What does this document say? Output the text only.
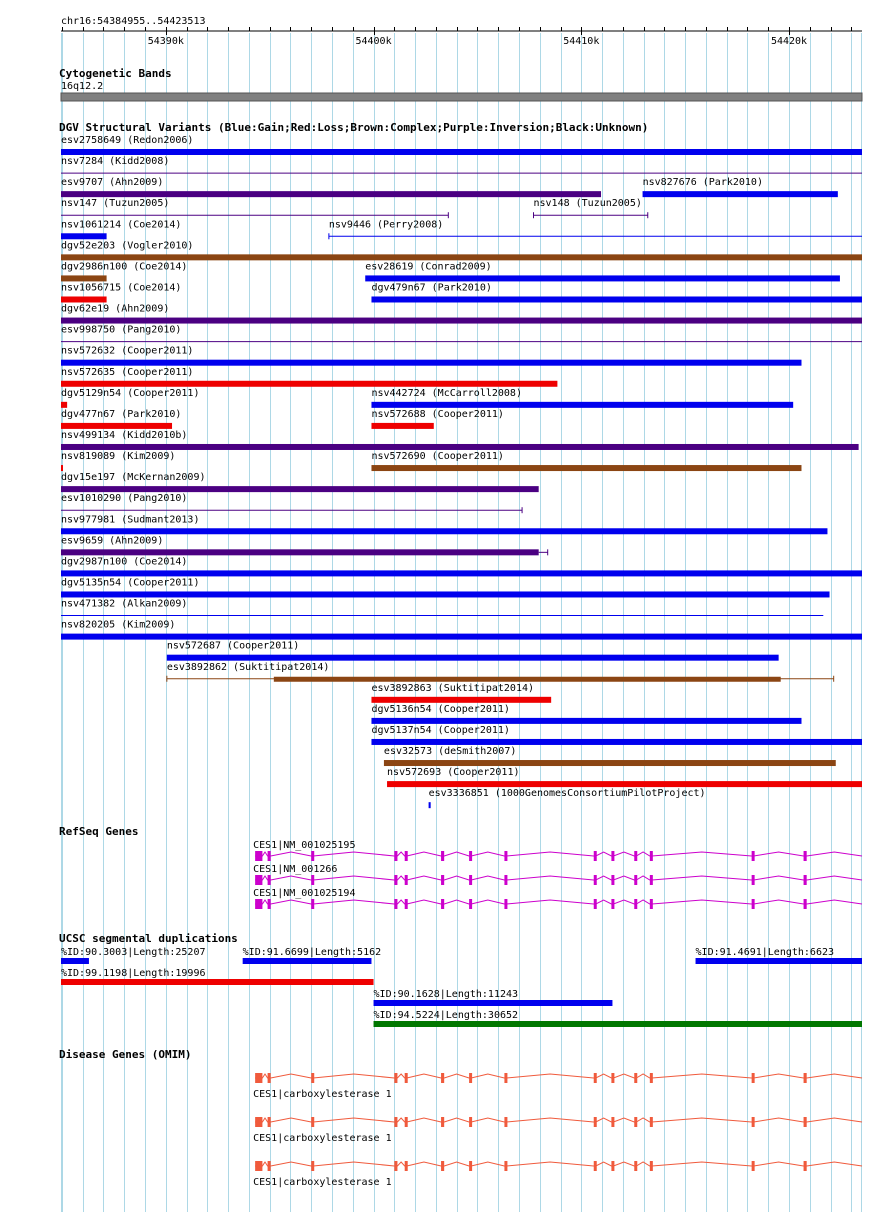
chr16:54384955..54423513
54390k	54400k	54410k	54420k
Cytogenetic Bands
16q12.2
DGV Structural Variants (Blue:Gain;Red:Loss;Brown:Complex;Purple:Inversion;Black:Unknown)
esv2758649 (Redon2006)
nsv7284 (Kidd2008)
esv9707 (Ahn2009)	nsv827676 (Park2010)
nsv147 (Tuzun2005)	nsv148 (Tuzun2005)
nsv1061214 (Coe2014)	nsv9446 (Perry2008)
dgv52e203 (Vogler2010)
dgv2986n100 (Coe2014)	esv28619 (Conrad2009)
nsv1056715 (Coe2014)	dgv479n67 (Park2010)
dgv62e19 (Ahn2009)
esv998750 (Pang2010)
nsv572632 (Cooper2011)
nsv572635 (Cooper2011)
dgv5129n54 (Cooper2011)	nsv442724 (McCarroll2008)
dgv477n67 (Park2010)	nsv572688 (Cooper2011)
nsv499134 (Kidd2010b)
nsv819089 (Kim2009)	nsv572690 (Cooper2011)
dgv15e197 (McKernan2009)
esv1010290 (Pang2010)
nsv977981 (Sudmant2013)
esv9659 (Ahn2009)
dgv2987n100 (Coe2014)
dgv5135n54 (Cooper2011)
nsv471382 (Alkan2009)
nsv820205 (Kim2009)
nsv572687 (Cooper2011)
esv3892862 (Suktitipat2014)
esv3892863 (Suktitipat2014)
dgv5136n54 (Cooper2011)
dgv5137n54 (Cooper2011)
esv32573 (deSmith2007)
nsv572693 (Cooper2011)
esv3336851 (1000GenomesConsortiumPilotProject)
RefSeq Genes
CES1|NM_001025195
CES1|NM_001266
CES1|NM_001025194
UCSC segmental duplications
%ID:90.3003|Length:25207	%ID:91.6699|Length:5162	%ID:91.4691|Length:6623
%ID:99.1198|Length:19996
%ID:90.1628|Length:11243
%ID:94.5224|Length:30652
Disease Genes (OMIM)
CES1|carboxylesterase 1
CES1|carboxylesterase 1
CES1|carboxylesterase 1
